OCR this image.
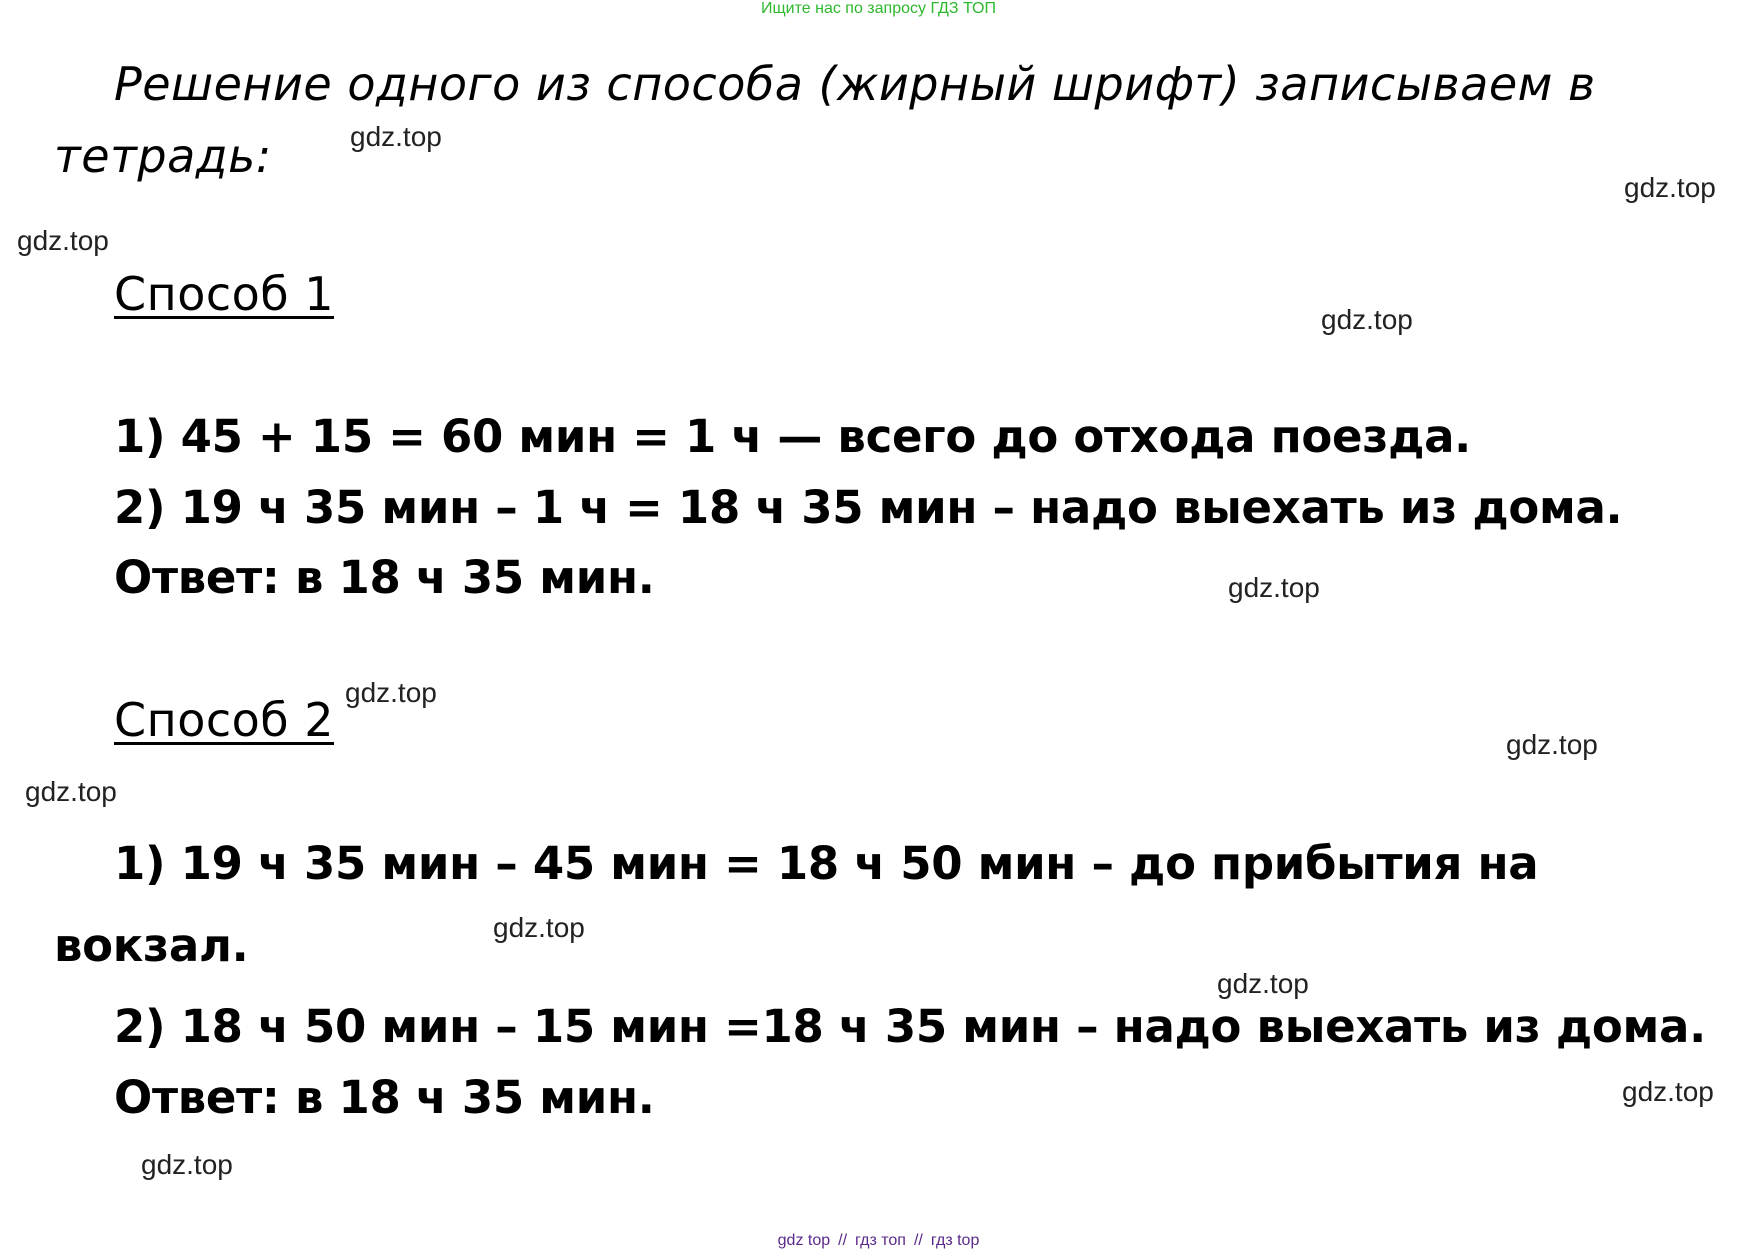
Ищите нас по запросу ГДЗ ТОП
Решение одного из способа (жирный шрифт) записываем в тетрадь:
Способ 1
1) 45 + 15 = 60 мин = 1 ч — всего до отхода поезда.
2) 19 ч 35 мин – 1 ч = 18 ч 35 мин – надо выехать из дома.
Ответ: в 18 ч 35 мин.
Способ 2
1) 19 ч 35 мин – 45 мин = 18 ч 50 мин – до прибытия на
вокзал.
2) 18 ч 50 мин – 15 мин =18 ч 35 мин – надо выехать из дома.
Ответ: в 18 ч 35 мин.
gdz.top
gdz.top
gdz.top
gdz.top
gdz.top
gdz.top
gdz.top
gdz.top
gdz.top
gdz.top
gdz.top
gdz.top
gdz top // гдз топ // гдз top
